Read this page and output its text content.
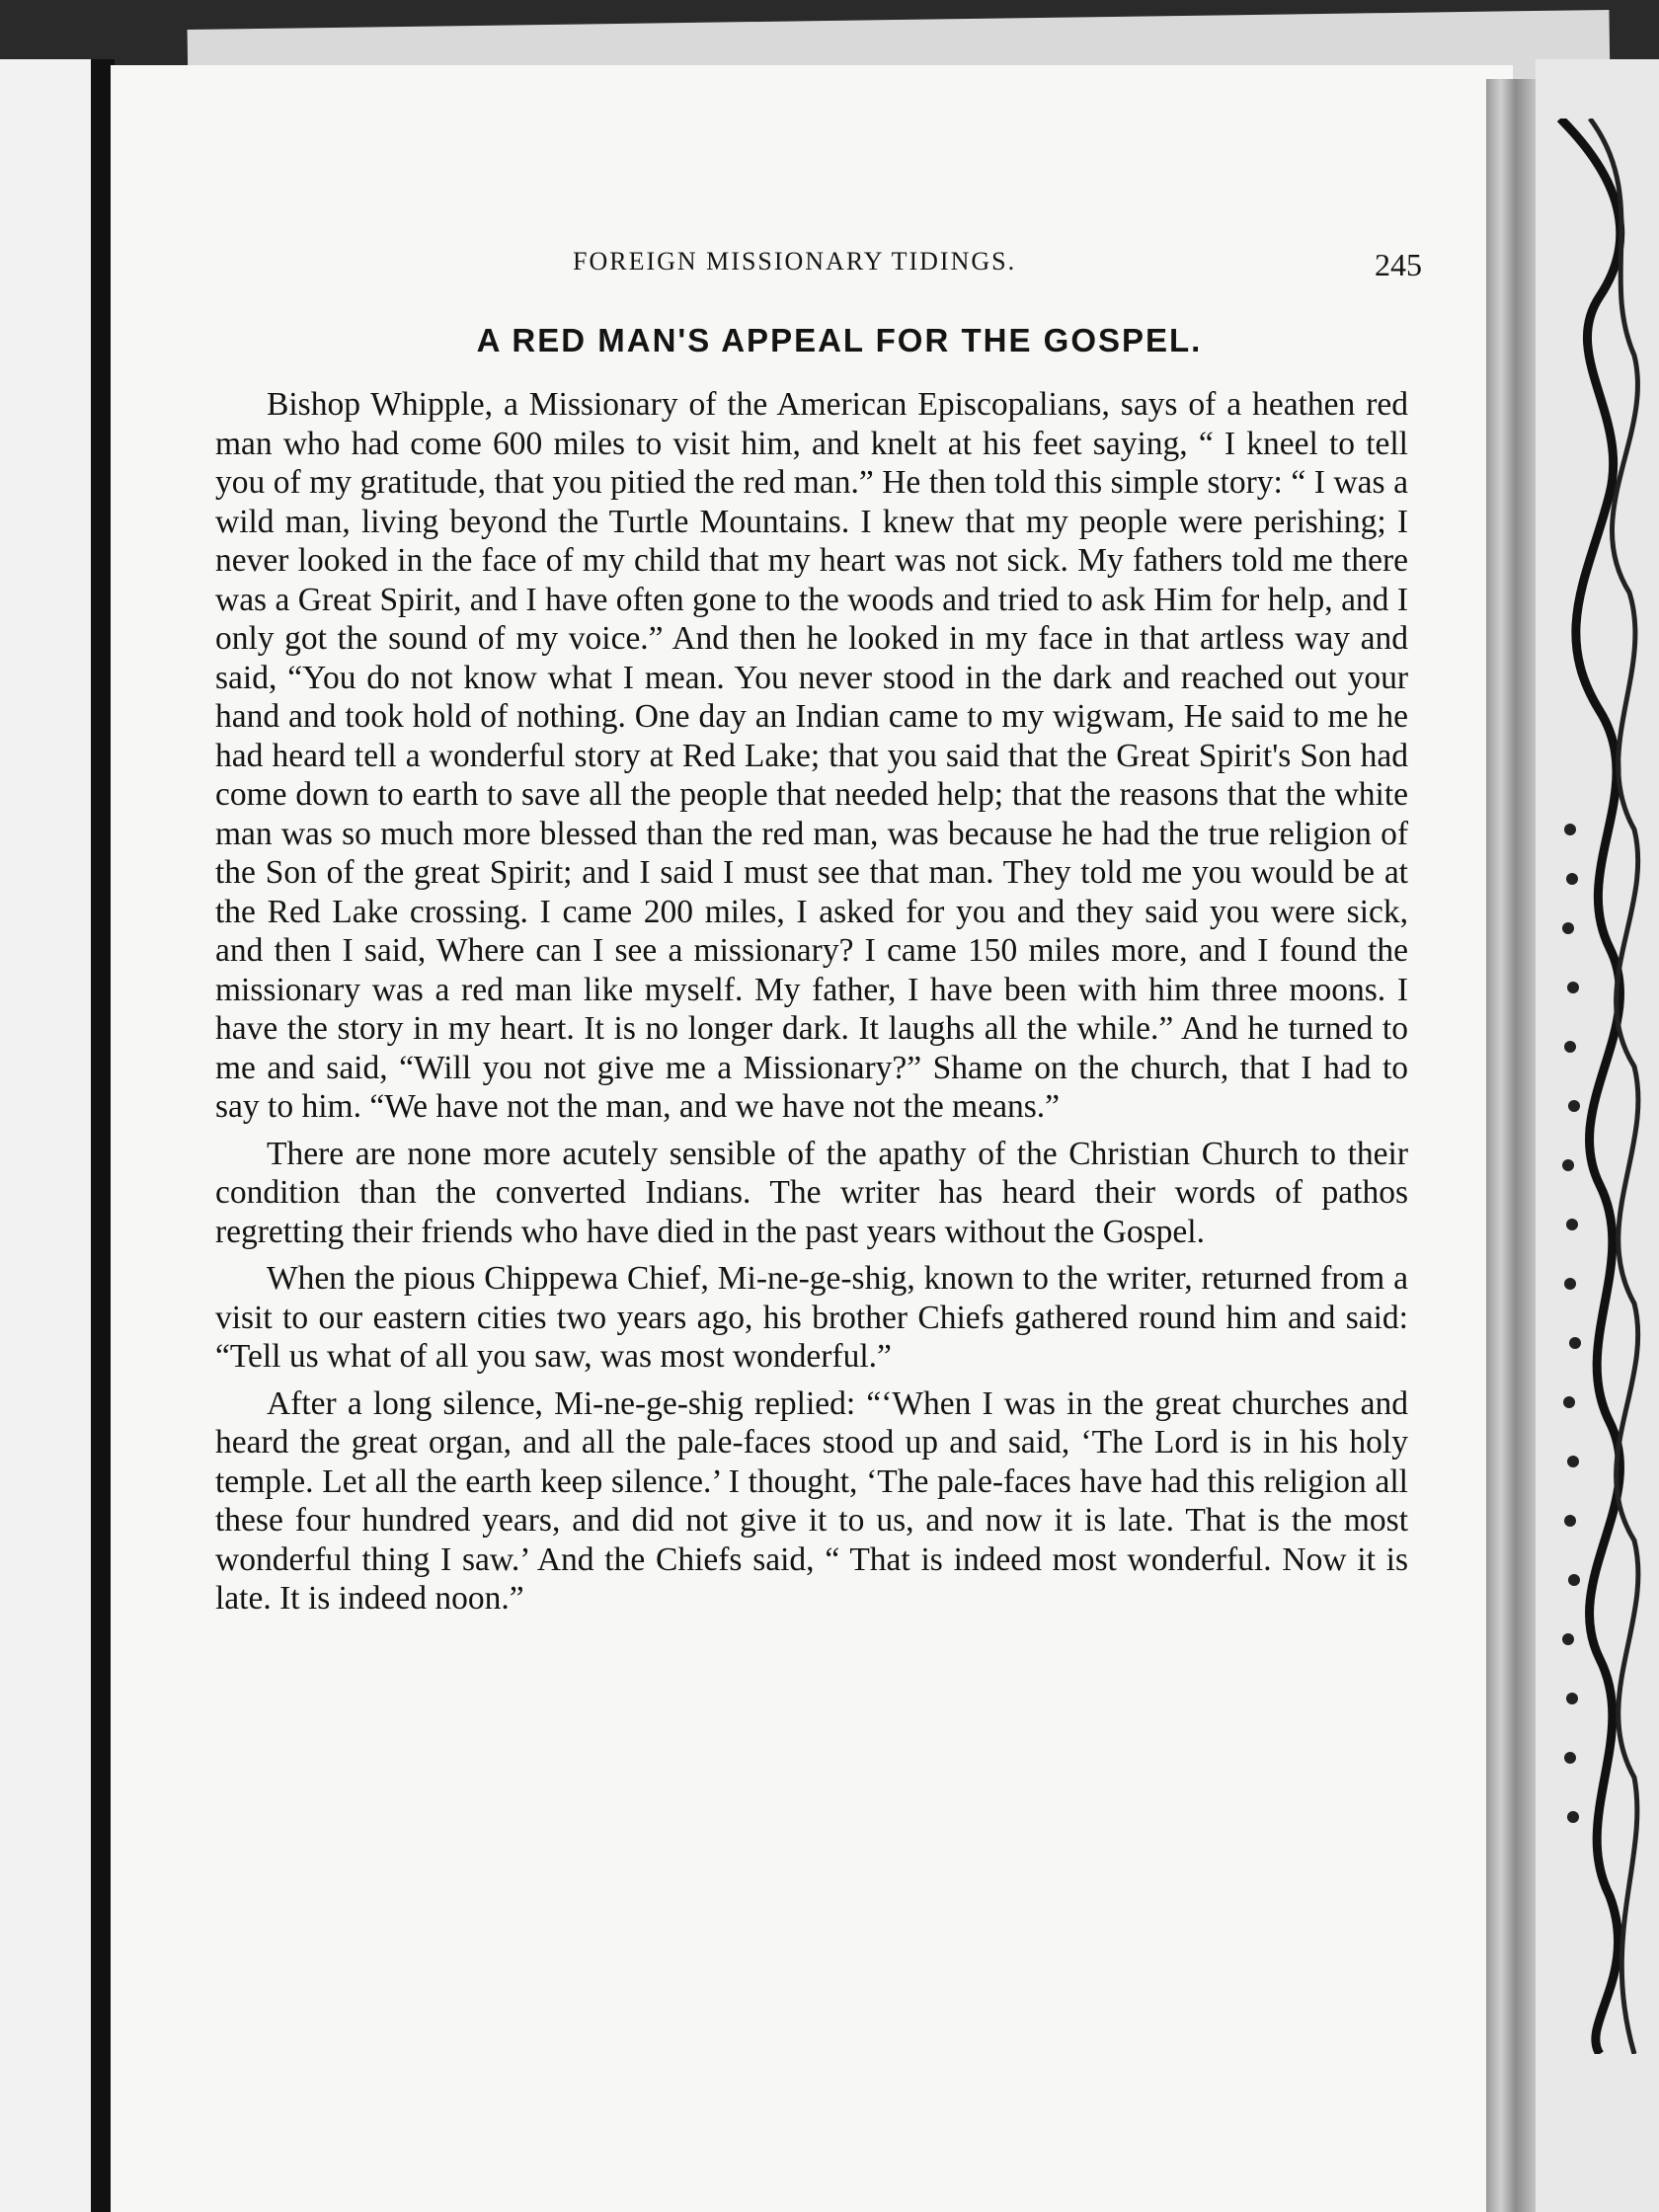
FOREIGN MISSIONARY TIDINGS.	245
A RED MAN'S APPEAL FOR THE GOSPEL.

Bishop Whipple, a Missionary of the American Episcopalians, says of a heathen red man who had come 600 miles to visit him, and knelt at his feet saying, “ I kneel to tell you of my gratitude, that you pitied the red man.” He then told this simple story: “ I was a wild man, living beyond the Turtle Mountains. I knew that my people were perishing; I never looked in the face of my child that my heart was not sick. My fathers told me there was a Great Spirit, and I have often gone to the woods and tried to ask Him for help, and I only got the sound of my voice.” And then he looked in my face in that artless way and said, “You do not know what I mean. You never stood in the dark and reached out your hand and took hold of nothing. One day an Indian came to my wigwam, He said to me he had heard tell a wonderful story at Red Lake; that you said that the Great Spirit's Son had come down to earth to save all the people that needed help; that the reasons that the white man was so much more blessed than the red man, was because he had the true religion of the Son of the great Spirit; and I said I must see that man. They told me you would be at the Red Lake crossing. I came 200 miles, I asked for you and they said you were sick, and then I said, Where can I see a missionary? I came 150 miles more, and I found the missionary was a red man like myself. My father, I have been with him three moons. I have the story in my heart. It is no longer dark. It laughs all the while.” And he turned to me and said, “Will you not give me a Missionary?” Shame on the church, that I had to say to him. “We have not the man, and we have not the means.”

There are none more acutely sensible of the apathy of the Christian Church to their condition than the converted Indians. The writer has heard their words of pathos regretting their friends who have died in the past years without the Gospel.

When the pious Chippewa Chief, Mi-ne-ge-shig, known to the writer, returned from a visit to our eastern cities two years ago, his brother Chiefs gathered round him and said: “Tell us what of all you saw, was most wonderful.”

After a long silence, Mi-ne-ge-shig replied: “‘When I was in the great churches and heard the great organ, and all the pale-faces stood up and said, ‘The Lord is in his holy temple. Let all the earth keep silence.’ I thought, ‘The pale-faces have had this religion all these four hundred years, and did not give it to us, and now it is late. That is the most wonderful thing I saw.’ And the Chiefs said, “ That is indeed most wonderful. Now it is late. It is indeed noon.”
